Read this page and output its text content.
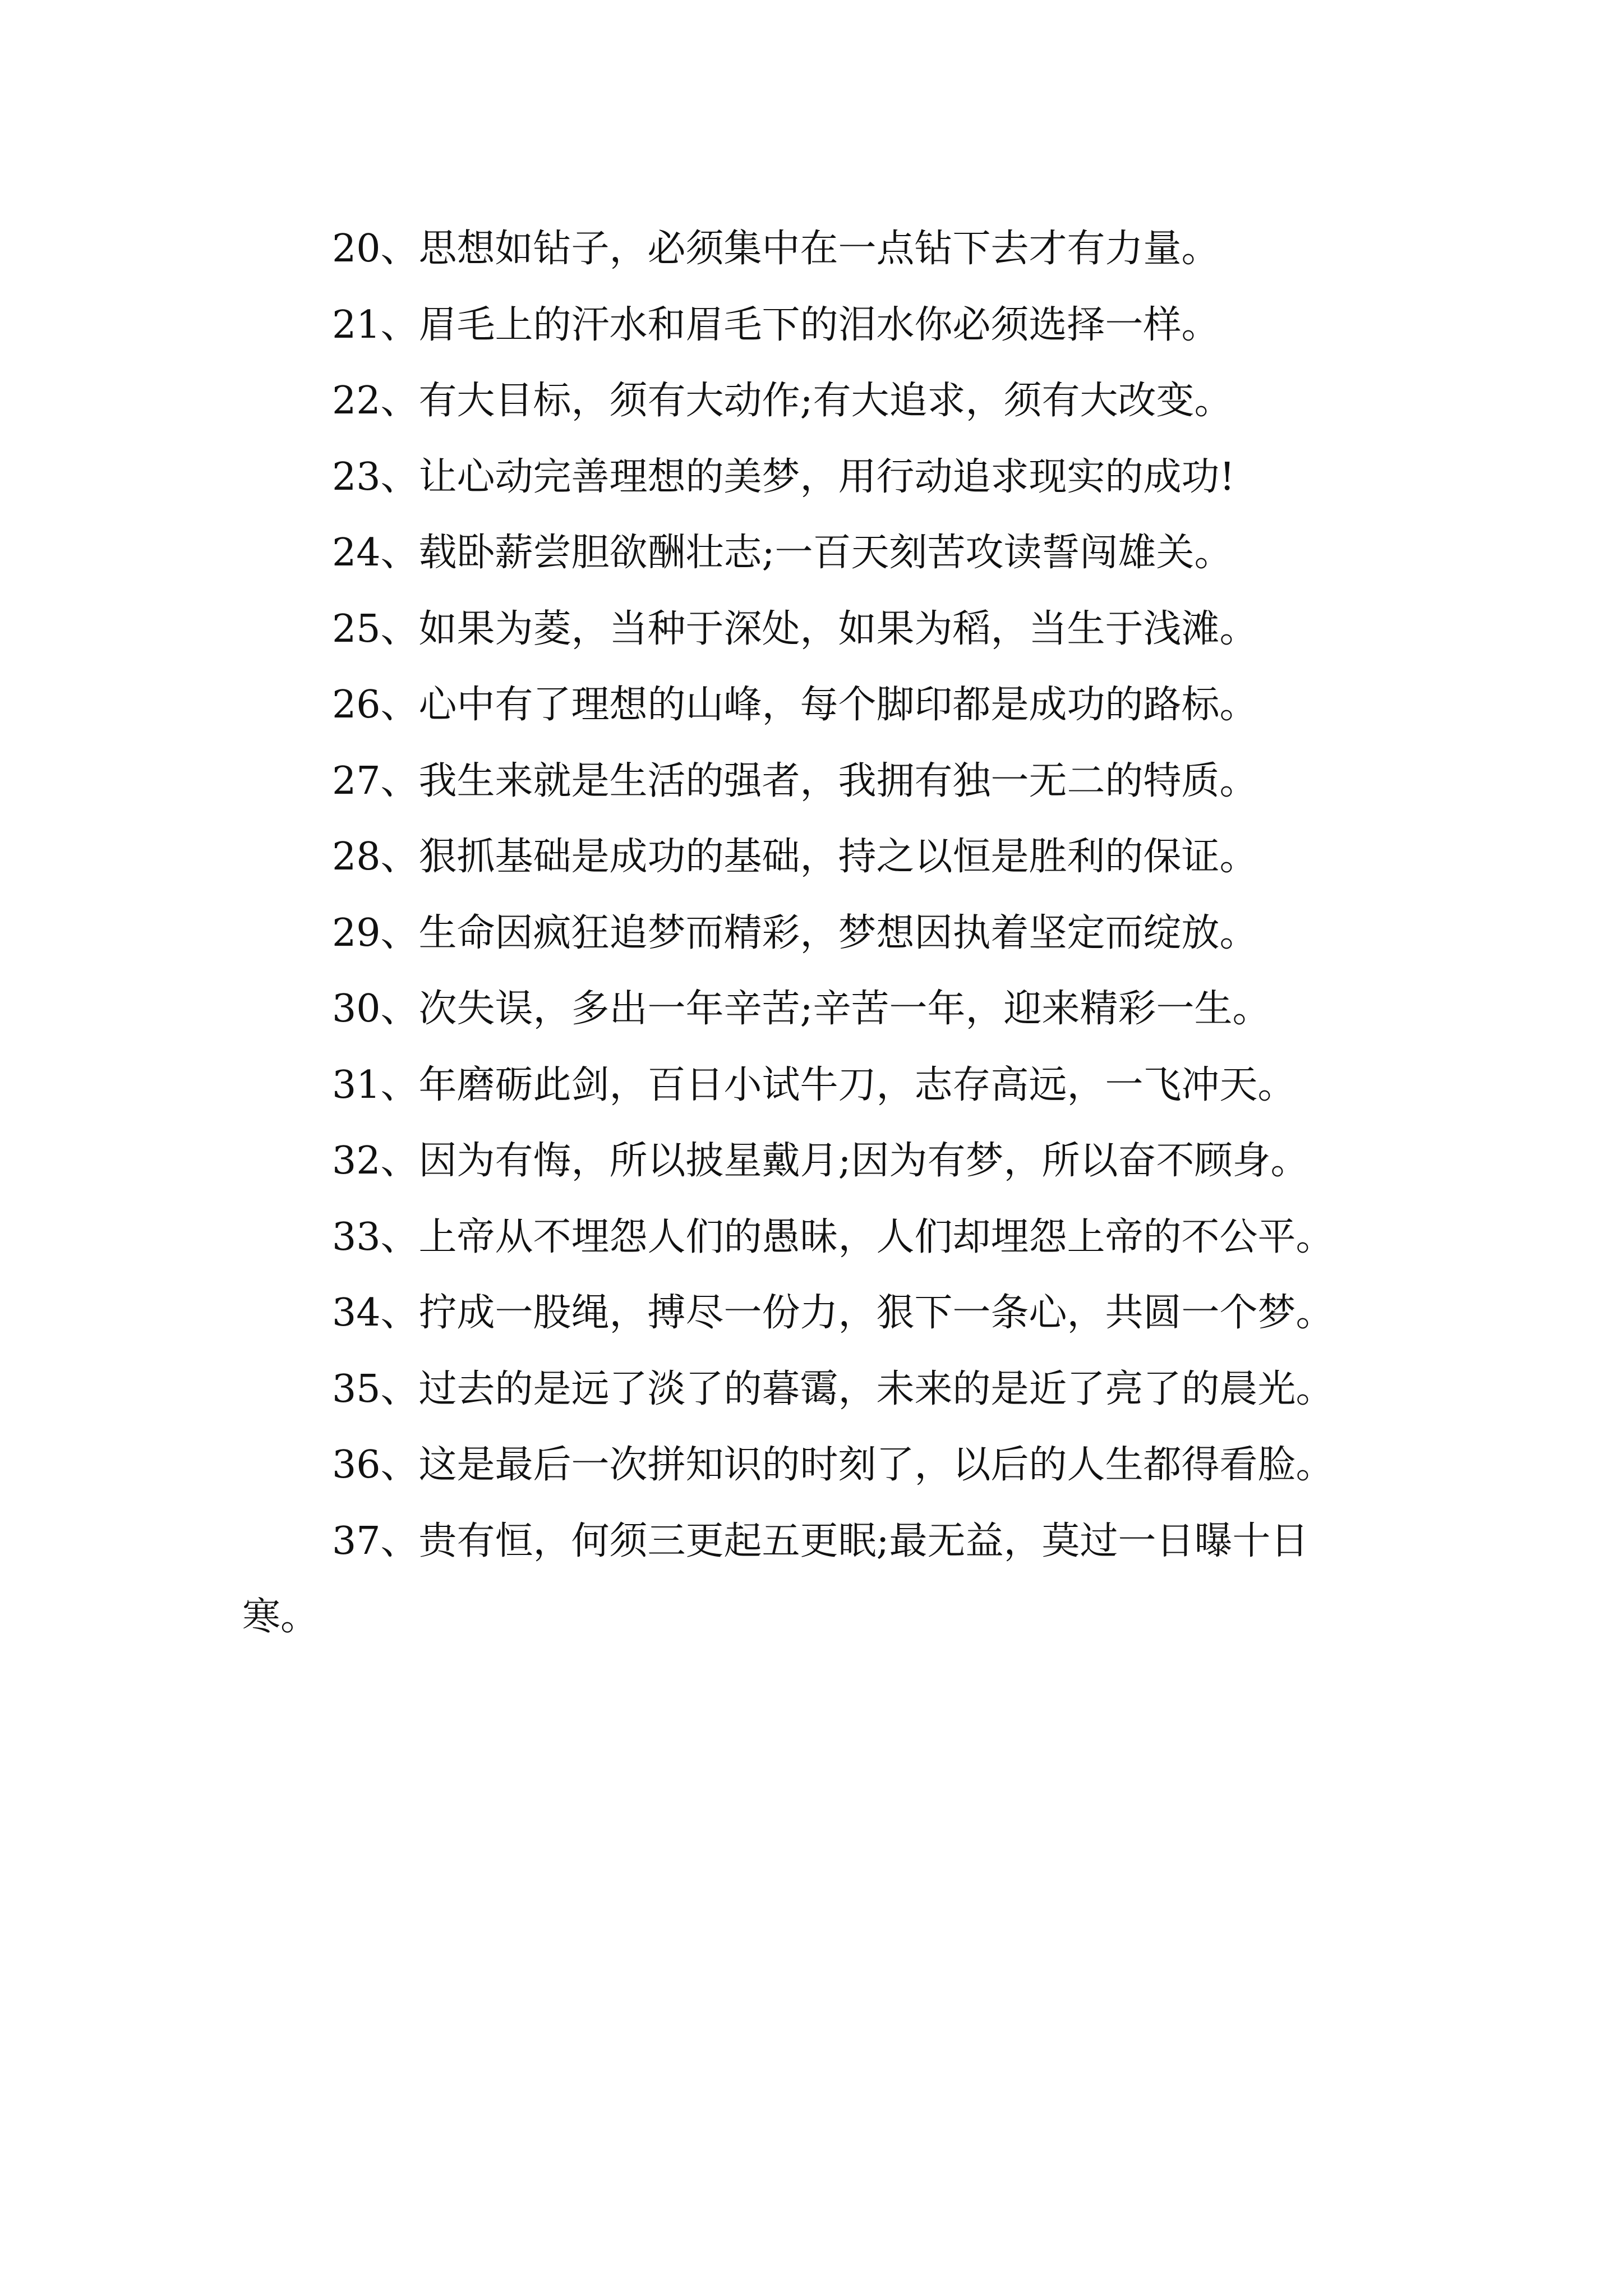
20、思想如钻子，必须集中在一点钻下去才有力量。

21、眉毛上的汗水和眉毛下的泪水你必须选择一样。

22、有大目标，须有大动作;有大追求，须有大改变。

23、让心动完善理想的美梦，用行动追求现实的成功!

24、载卧薪尝胆欲酬壮志;一百天刻苦攻读誓闯雄关。

25、如果为菱，当种于深处，如果为稻，当生于浅滩。

26、心中有了理想的山峰，每个脚印都是成功的路标。

27、我生来就是生活的强者，我拥有独一无二的特质。

28、狠抓基础是成功的基础，持之以恒是胜利的保证。

29、生命因疯狂追梦而精彩，梦想因执着坚定而绽放。

30、次失误，多出一年辛苦;辛苦一年，迎来精彩一生。

31、年磨砺此剑，百日小试牛刀，志存高远，一飞冲天。

32、因为有悔，所以披星戴月;因为有梦，所以奋不顾身。

33、上帝从不埋怨人们的愚昧，人们却埋怨上帝的不公平。

34、拧成一股绳，搏尽一份力，狠下一条心，共圆一个梦。

35、过去的是远了淡了的暮霭，未来的是近了亮了的晨光。

36、这是最后一次拼知识的时刻了，以后的人生都得看脸。

37、贵有恒，何须三更起五更眠;最无益，莫过一日曝十日寒。
